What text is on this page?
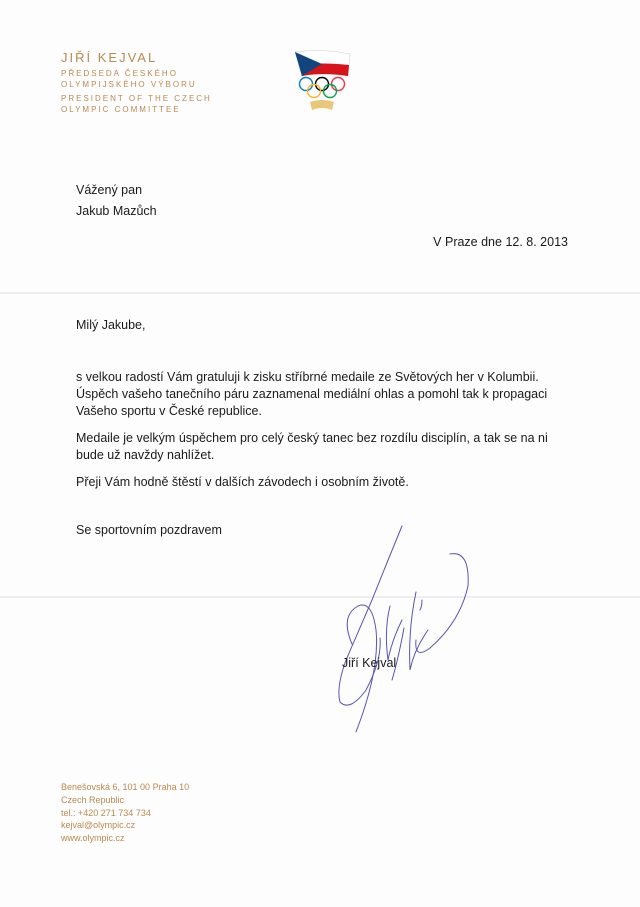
JIŘÍ KEJVAL
PŘEDSEDA ČESKÉHO
OLYMPIJSKÉHO VÝBORU
PRESIDENT OF THE CZECH
OLYMPIC COMMITTEE
Vážený pan
Jakub Mazůch
V Praze dne 12. 8. 2013
Milý Jakube,

s velkou radostí Vám gratuluji k zisku stříbrné medaile ze Světových her v Kolumbii. Úspěch vašeho tanečního páru zaznamenal mediální ohlas a pomohl tak k propagaci Vašeho sportu v České republice.

Medaile je velkým úspěchem pro celý český tanec bez rozdílu disciplín, a tak se na ni bude už navždy nahlížet.

Přeji Vám hodně štěstí v dalších závodech i osobním životě.

Se sportovním pozdravem
Jiří Kejval
Benešovská 6, 101 00 Praha 10
Czech Republic
tel.: +420 271 734 734
kejval@olympic.cz
www.olympic.cz
